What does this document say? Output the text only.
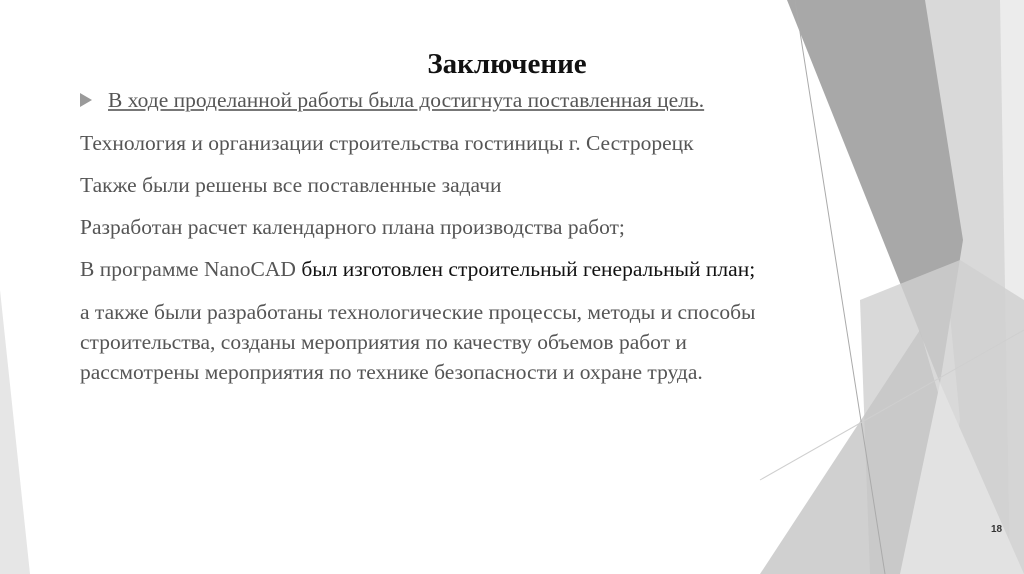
Заключение
В ходе проделанной работы была достигнута поставленная цель.
Технология и организации строительства гостиницы г. Сестрорецк
Также были решены все поставленные задачи
Разработан расчет календарного плана производства работ;
В программе NanoCAD был изготовлен строительный генеральный план;
а также были разработаны технологические процессы, методы и способы
строительства, созданы мероприятия по качеству объемов работ и
рассмотрены мероприятия по технике безопасности и охране труда.
18
